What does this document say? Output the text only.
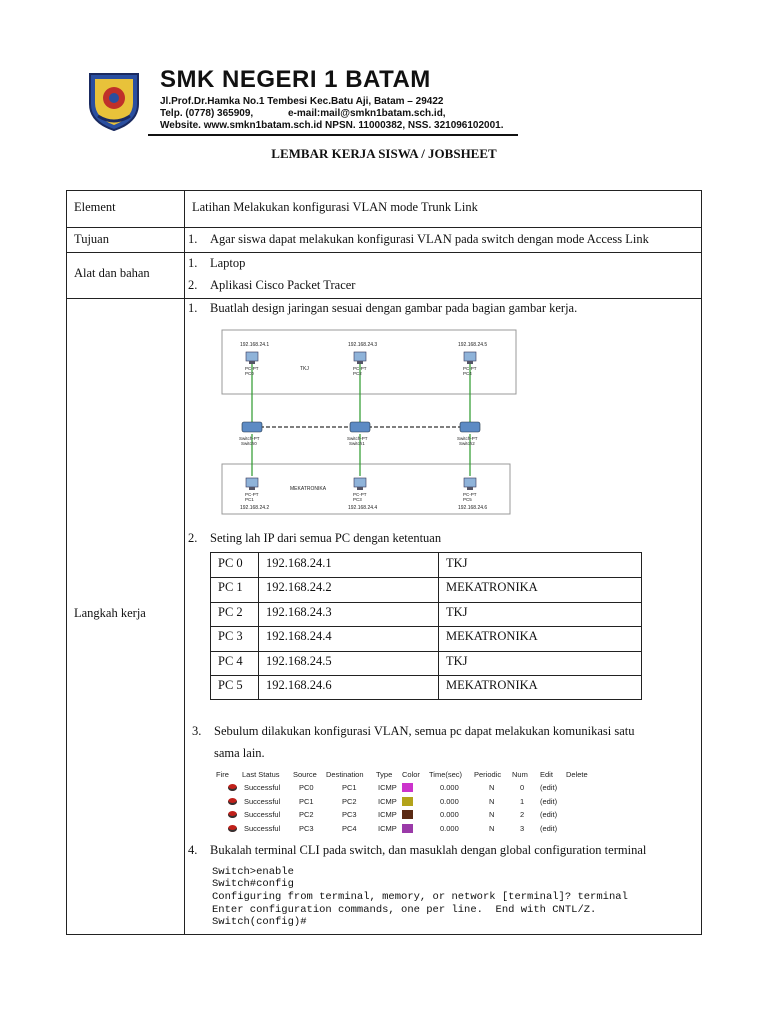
SMK NEGERI 1 BATAM
Jl.Prof.Dr.Hamka No.1 Tembesi Kec.Batu Aji, Batam – 29422
Telp. (0778) 365909,	e-mail:mail@smkn1batam.sch.id,
Website. www.smkn1batam.sch.id NPSN. 11000382, NSS. 321096102001.
LEMBAR KERJA SISWA / JOBSHEET
Element	Latihan Melakukan konfigurasi VLAN mode Trunk Link
Tujuan	1. Agar siswa dapat melakukan konfigurasi VLAN pada switch dengan mode Access Link
Alat dan bahan
1. Laptop
2. Aplikasi Cisco Packet Tracer
Langkah kerja
1. Buatlah design jaringan sesuai dengan gambar pada bagian gambar kerja.
192.168.24.1	192.168.24.3	192.168.24.5
PC-PT
PC0
PC-PT
PC2
PC-PT
PC4
TKJ
Switch-PT
Switch0
Switch-PT
Switch1
Switch-PT
Switch2
MEKATRONIKA
PC-PT
PC1
PC-PT
PC3
PC-PT
PC5
192.168.24.2	192.168.24.4	192.168.24.6
2. Seting lah IP dari semua PC dengan ketentuan
PC 0 192.168.24.1	TKJ
PC 1 192.168.24.2	MEKATRONIKA
PC 2 192.168.24.3	TKJ
PC 3 192.168.24.4	MEKATRONIKA
PC 4 192.168.24.5	TKJ
PC 5 192.168.24.6	MEKATRONIKA
3. Sebulum dilakukan konfigurasi VLAN, semua pc dapat melakukan komunikasi satu
sama lain.
Fire Last Status Source Destination Type Color Time(sec) Periodic Num Edit Delete
Successful PC0	PC1	ICMP	0.000	N	0 (edit)
Successful PC1	PC2	ICMP	0.000	N	1 (edit)
Successful PC2	PC3	ICMP	0.000	N	2 (edit)
Successful PC3	PC4	ICMP	0.000	N	3 (edit)
4. Bukalah terminal CLI pada switch, dan masuklah dengan global configuration terminal
Switch>enable
Switch#config
Configuring from terminal, memory, or network [terminal]? terminal
Enter configuration commands, one per line.  End with CNTL/Z.
Switch(config)#
